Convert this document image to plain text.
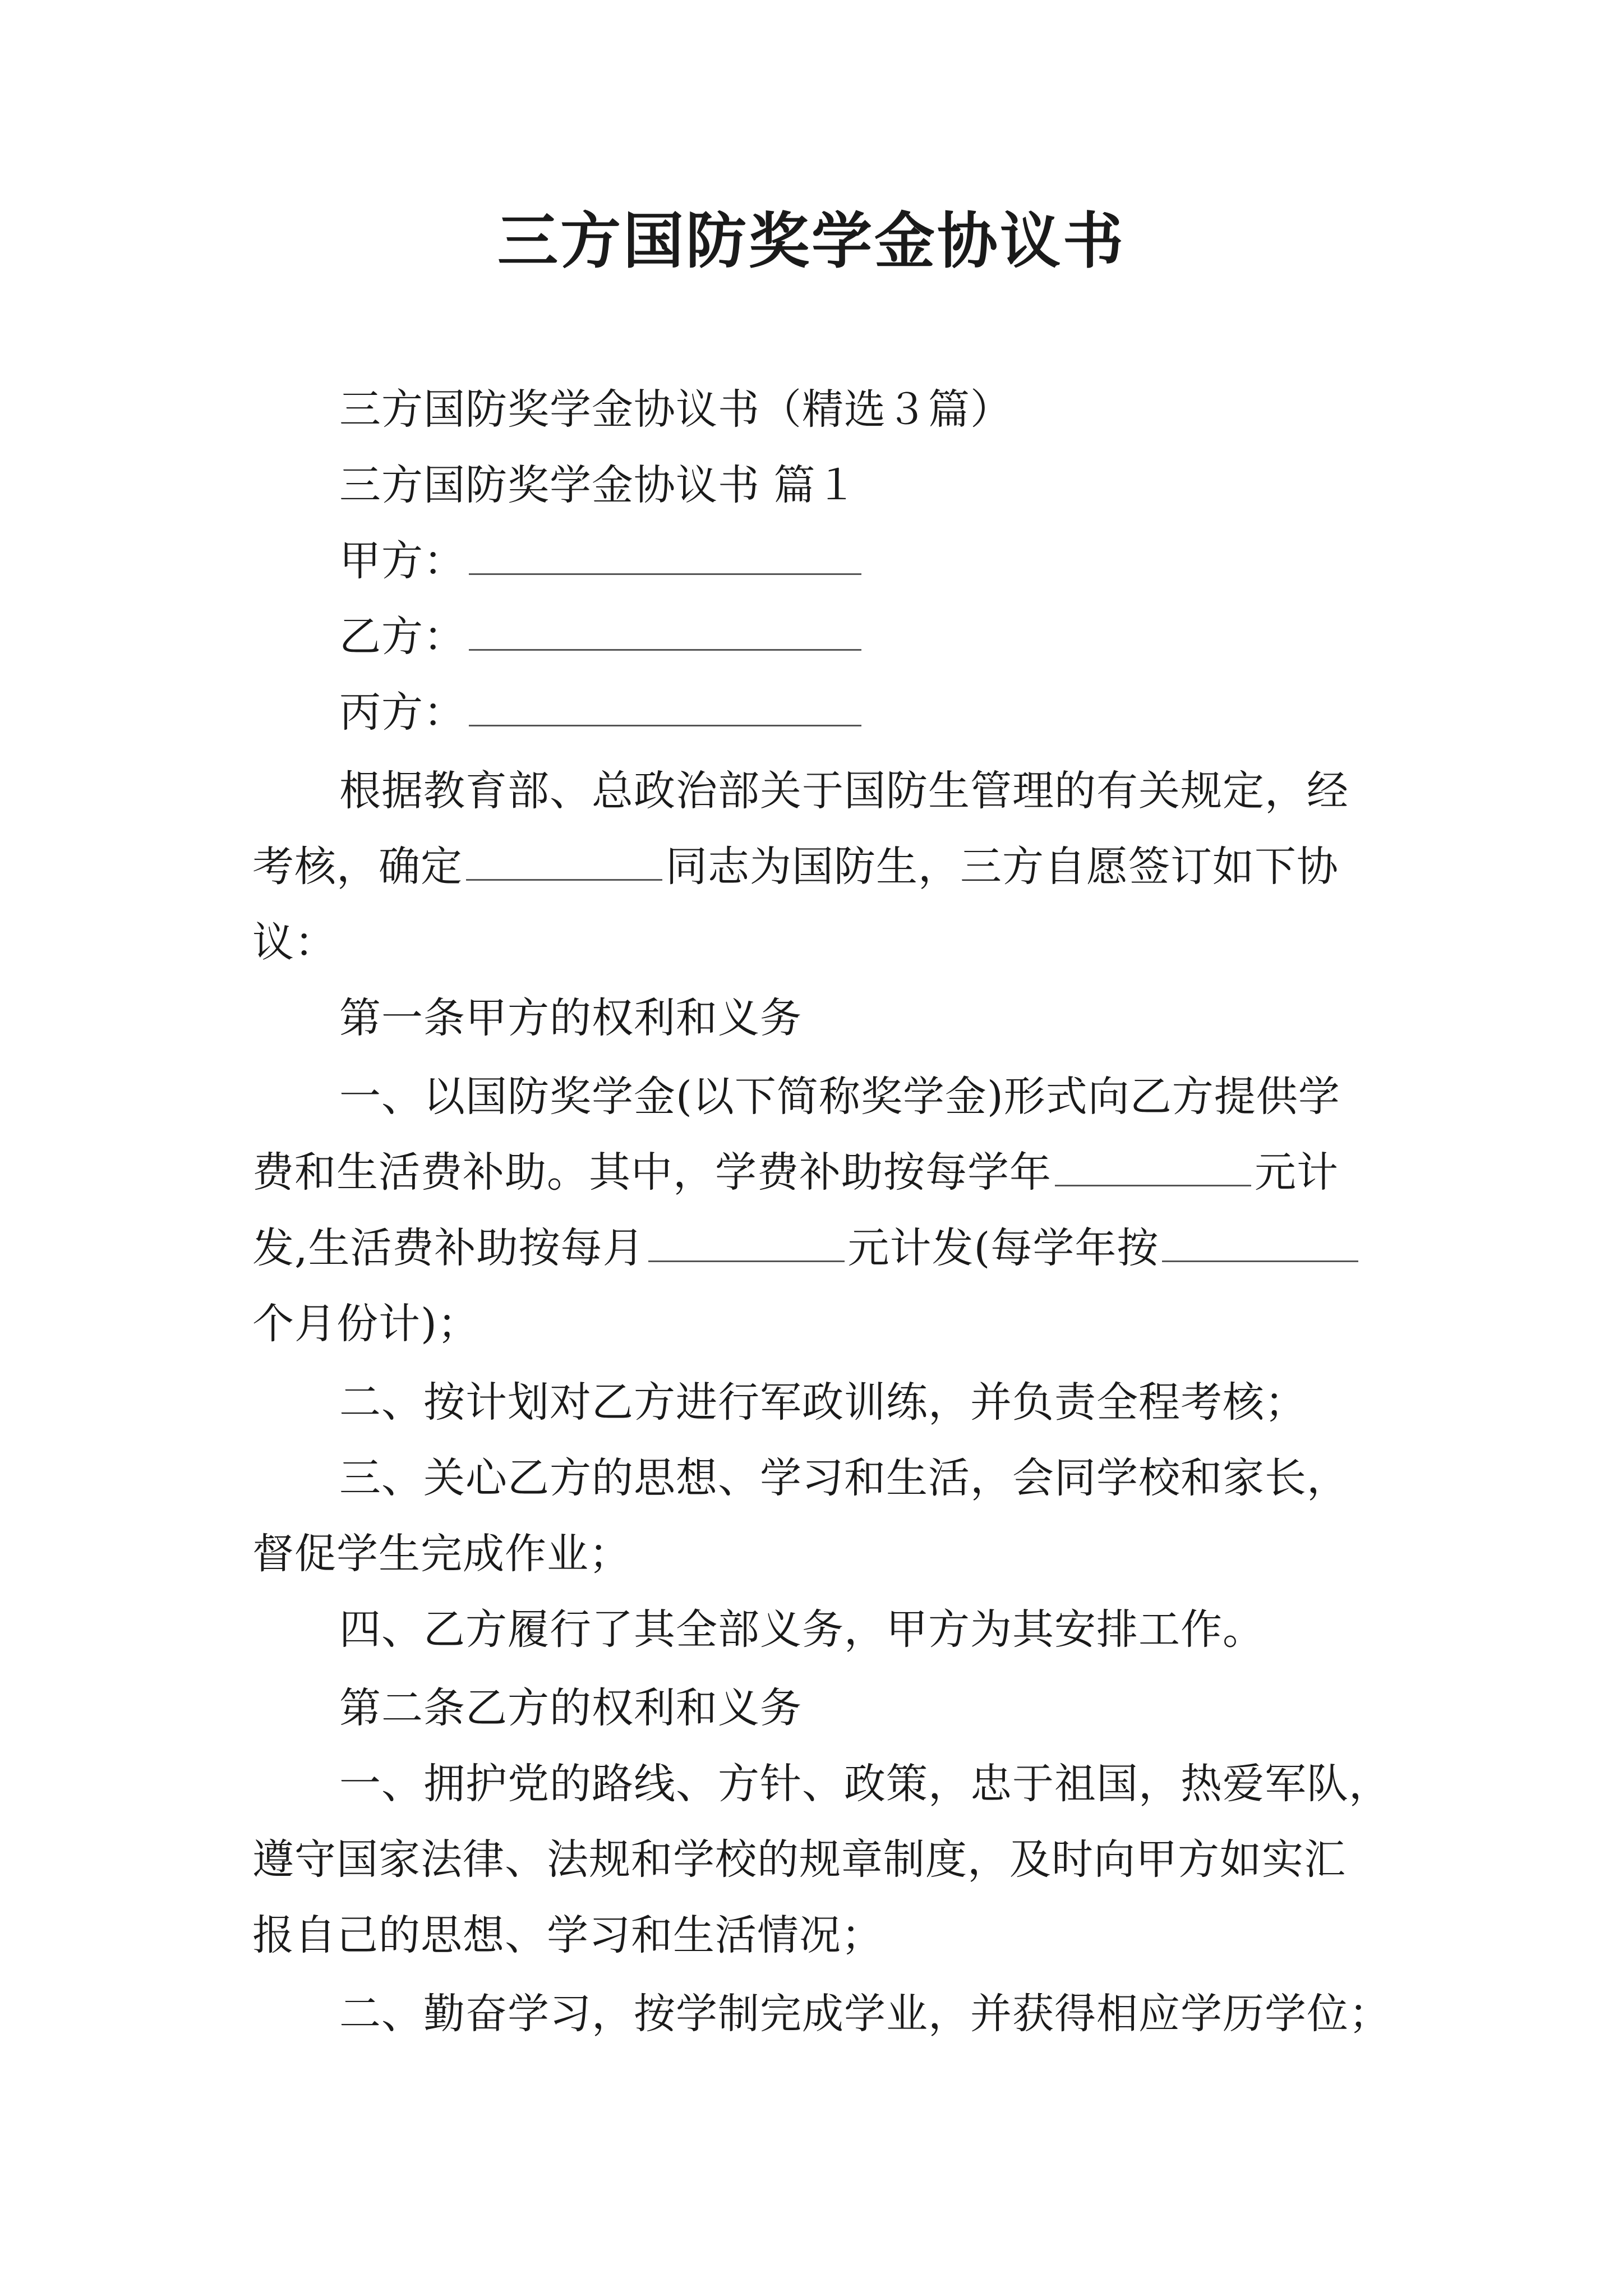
三方国防奖学金协议书
三方国防奖学金协议书（精选３篇）
三方国防奖学金协议书 篇１
甲方：
乙方：
丙方：
根据教育部、总政治部关于国防生管理的有关规定，经
考核，确定	同志为国防生，三方自愿签订如下协
议：
第一条甲方的权利和义务
一、以国防奖学金(以下简称奖学金)形式向乙方提供学
费和生活费补助。其中，学费补助按每学年	元计
发,生活费补助按每月	元计发(每学年按
个月份计)；
二、按计划对乙方进行军政训练，并负责全程考核；
三、关心乙方的思想、学习和生活，会同学校和家长，
督促学生完成作业；
四、乙方履行了其全部义务，甲方为其安排工作。
第二条乙方的权利和义务
一、拥护党的路线、方针、政策，忠于祖国，热爱军队，
遵守国家法律、法规和学校的规章制度，及时向甲方如实汇
报自己的思想、学习和生活情况；
二、勤奋学习，按学制完成学业，并获得相应学历学位；
